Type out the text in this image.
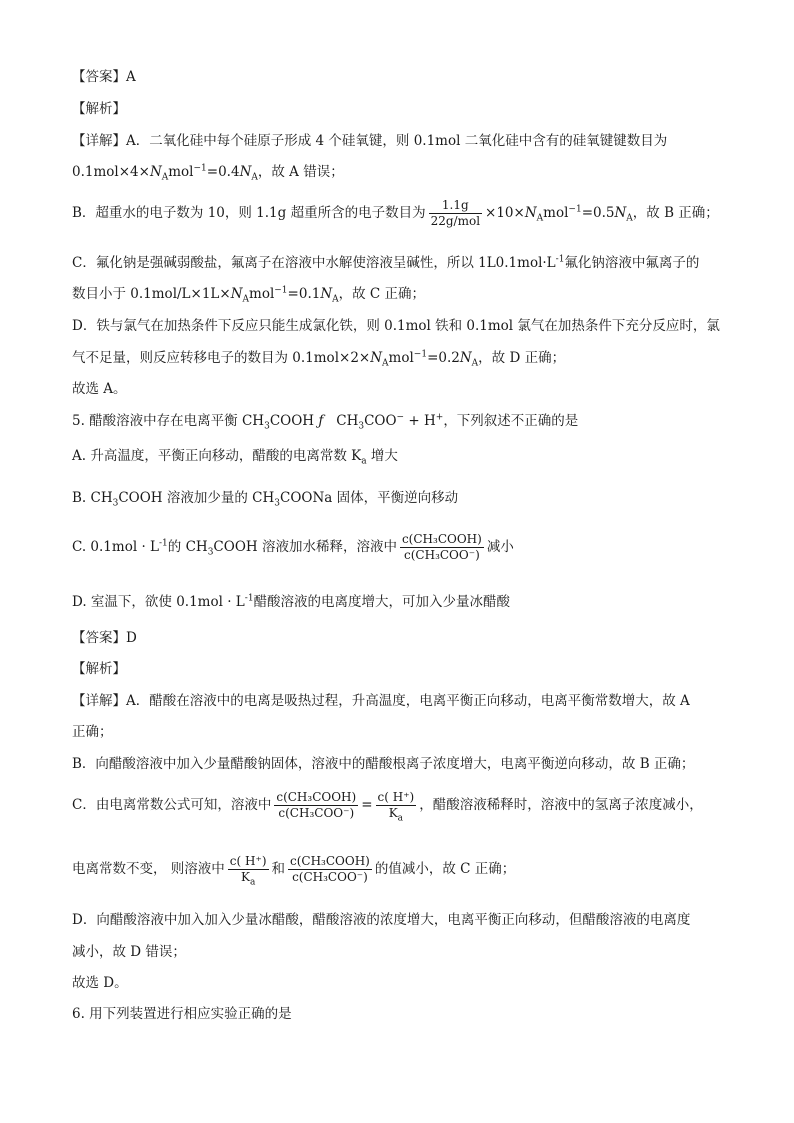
【答案】A
【解析】
【详解】A．二氧化硅中每个硅原子形成 4 个硅氧键，则 0.1mol 二氧化硅中含有的硅氧键键数目为
$0.1mol\times 4\times N_Amol^{-1}=0.4N_A$，故 A 错误；
B．超重水的电子数为 10，则 1.1g 超重所含的电子数目为	1.1g
$22g/mol \times 10\times N_Amol^{-1}=0.5N_A$，故 B 正确；
C．氟化钠是强碱弱酸盐，氟离子在溶液中水解使溶液呈碱性，所以 $1L0.1mol\cdot L^{-1}$氟化钠溶液中氟离子的
数目小于 $0.1mol/L\times 1L\times N_Amol^{-1}=0.1N_A$，故 C 正确；
D．铁与氯气在加热条件下反应只能生成氯化铁，则 0.1mol 铁和 0.1mol 氯气在加热条件下充分反应时，氯
气不足量，则反应转移电子的数目为 $0.1mol\times 2\times N_Amol^{-1}=0.2N_A$，故 D 正确；
故选 A。
5. 醋酸溶液中存在电离平衡 $CH_3COOH$ ƒ $CH_3COO^- + H^+$，下列叙述不正确的是
A. 升高温度，平衡正向移动，醋酸的电离常数 $K_a$ 增大
B. $CH_3COOH$ 溶液加少量的 $CH_3COONa$ 固体，平衡逆向移动
C. $0.1mol \cdot L^{-1}$的 $CH_3COOH$ 溶液加水稀释，溶液中 c(CH₃COOH)
c(CH₃COO⁻) 减小
D. 室温下，欲使 $0.1mol \cdot L^{-1}$醋酸溶液的电离度增大，可加入少量冰醋酸
【答案】D
【解析】
【详解】A．醋酸在溶液中的电离是吸热过程，升高温度，电离平衡正向移动，电离平衡常数增大，故 A
正确；
B．向醋酸溶液中加入少量醋酸钠固体，溶液中的醋酸根离子浓度增大，电离平衡逆向移动，故 B 正确；
C．由电离常数公式可知，溶液中 c(CH₃COOH)
$c(CH_3COO^-) = \frac{c( H^+)}{K_a}$ ，醋酸溶液稀释时，溶液中的氢离子浓度减小，
电离常数不变， 则溶液中 $\frac{c( H^+)}{K_a}$ 和 c(CH₃COOH)
c(CH₃COO⁻) 的值减小，故 C 正确；
D．向醋酸溶液中加入加入少量冰醋酸，醋酸溶液的浓度增大，电离平衡正向移动，但醋酸溶液的电离度
减小，故 D 错误；
故选 D。
6. 用下列装置进行相应实验正确的是
